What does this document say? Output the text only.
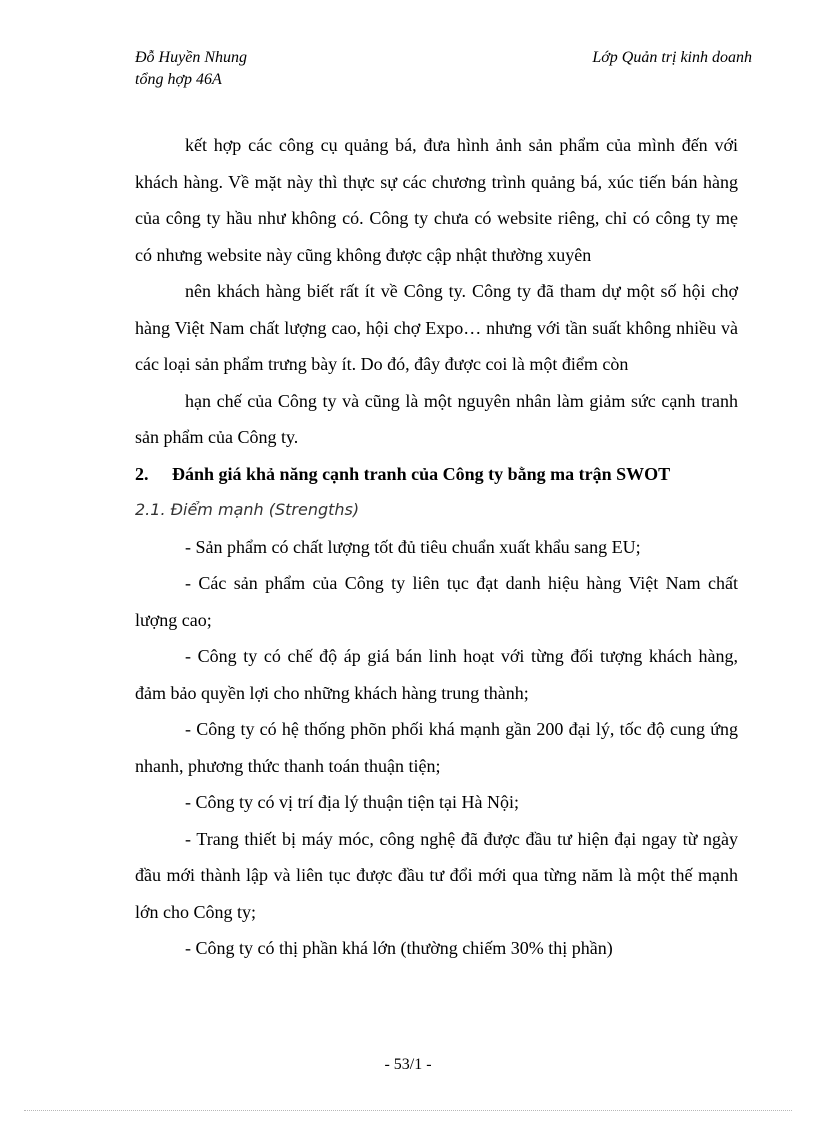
Đỗ Huyền Nhung
tổng hợp 46A
Lớp Quản trị kinh doanh

kết hợp các công cụ quảng bá, đưa hình ảnh sản phẩm của mình đến với khách hàng. Về mặt này thì thực sự các chương trình quảng bá, xúc tiến bán hàng của công ty hầu như không có. Công ty chưa có website riêng, chỉ có công ty mẹ có nhưng website này cũng không được cập nhật thường xuyên

nên khách hàng biết rất ít về Công ty. Công ty đã tham dự một số hội chợ hàng Việt Nam chất lượng cao, hội chợ Expo… nhưng với tần suất không nhiều và các loại sản phẩm trưng bày ít. Do đó, đây được coi là một điểm còn

hạn chế của Công ty và cũng là một nguyên nhân làm giảm sức cạnh tranh sản phẩm của Công ty.

2. Đánh giá khả năng cạnh tranh của Công ty bằng ma trận SWOT

2.1. Điểm mạnh (Strengths)

- Sản phẩm có chất lượng tốt đủ tiêu chuẩn xuất khẩu sang EU;

- Các sản phẩm của Công ty liên tục đạt danh hiệu hàng Việt Nam chất lượng cao;

- Công ty có chế độ áp giá bán linh hoạt với từng đối tượng khách hàng, đảm bảo quyền lợi cho những khách hàng trung thành;

- Công ty có hệ thống phõn phối khá mạnh gần 200 đại lý, tốc độ cung ứng nhanh, phương thức thanh toán thuận tiện;

- Công ty có vị trí địa lý thuận tiện tại Hà Nội;

- Trang thiết bị máy móc, công nghệ đã được đầu tư hiện đại ngay từ ngày đầu mới thành lập và liên tục được đầu tư đổi mới qua từng năm là một thế mạnh lớn cho Công ty;

- Công ty có thị phần khá lớn (thường chiếm 30% thị phần)

- 53/1 -
